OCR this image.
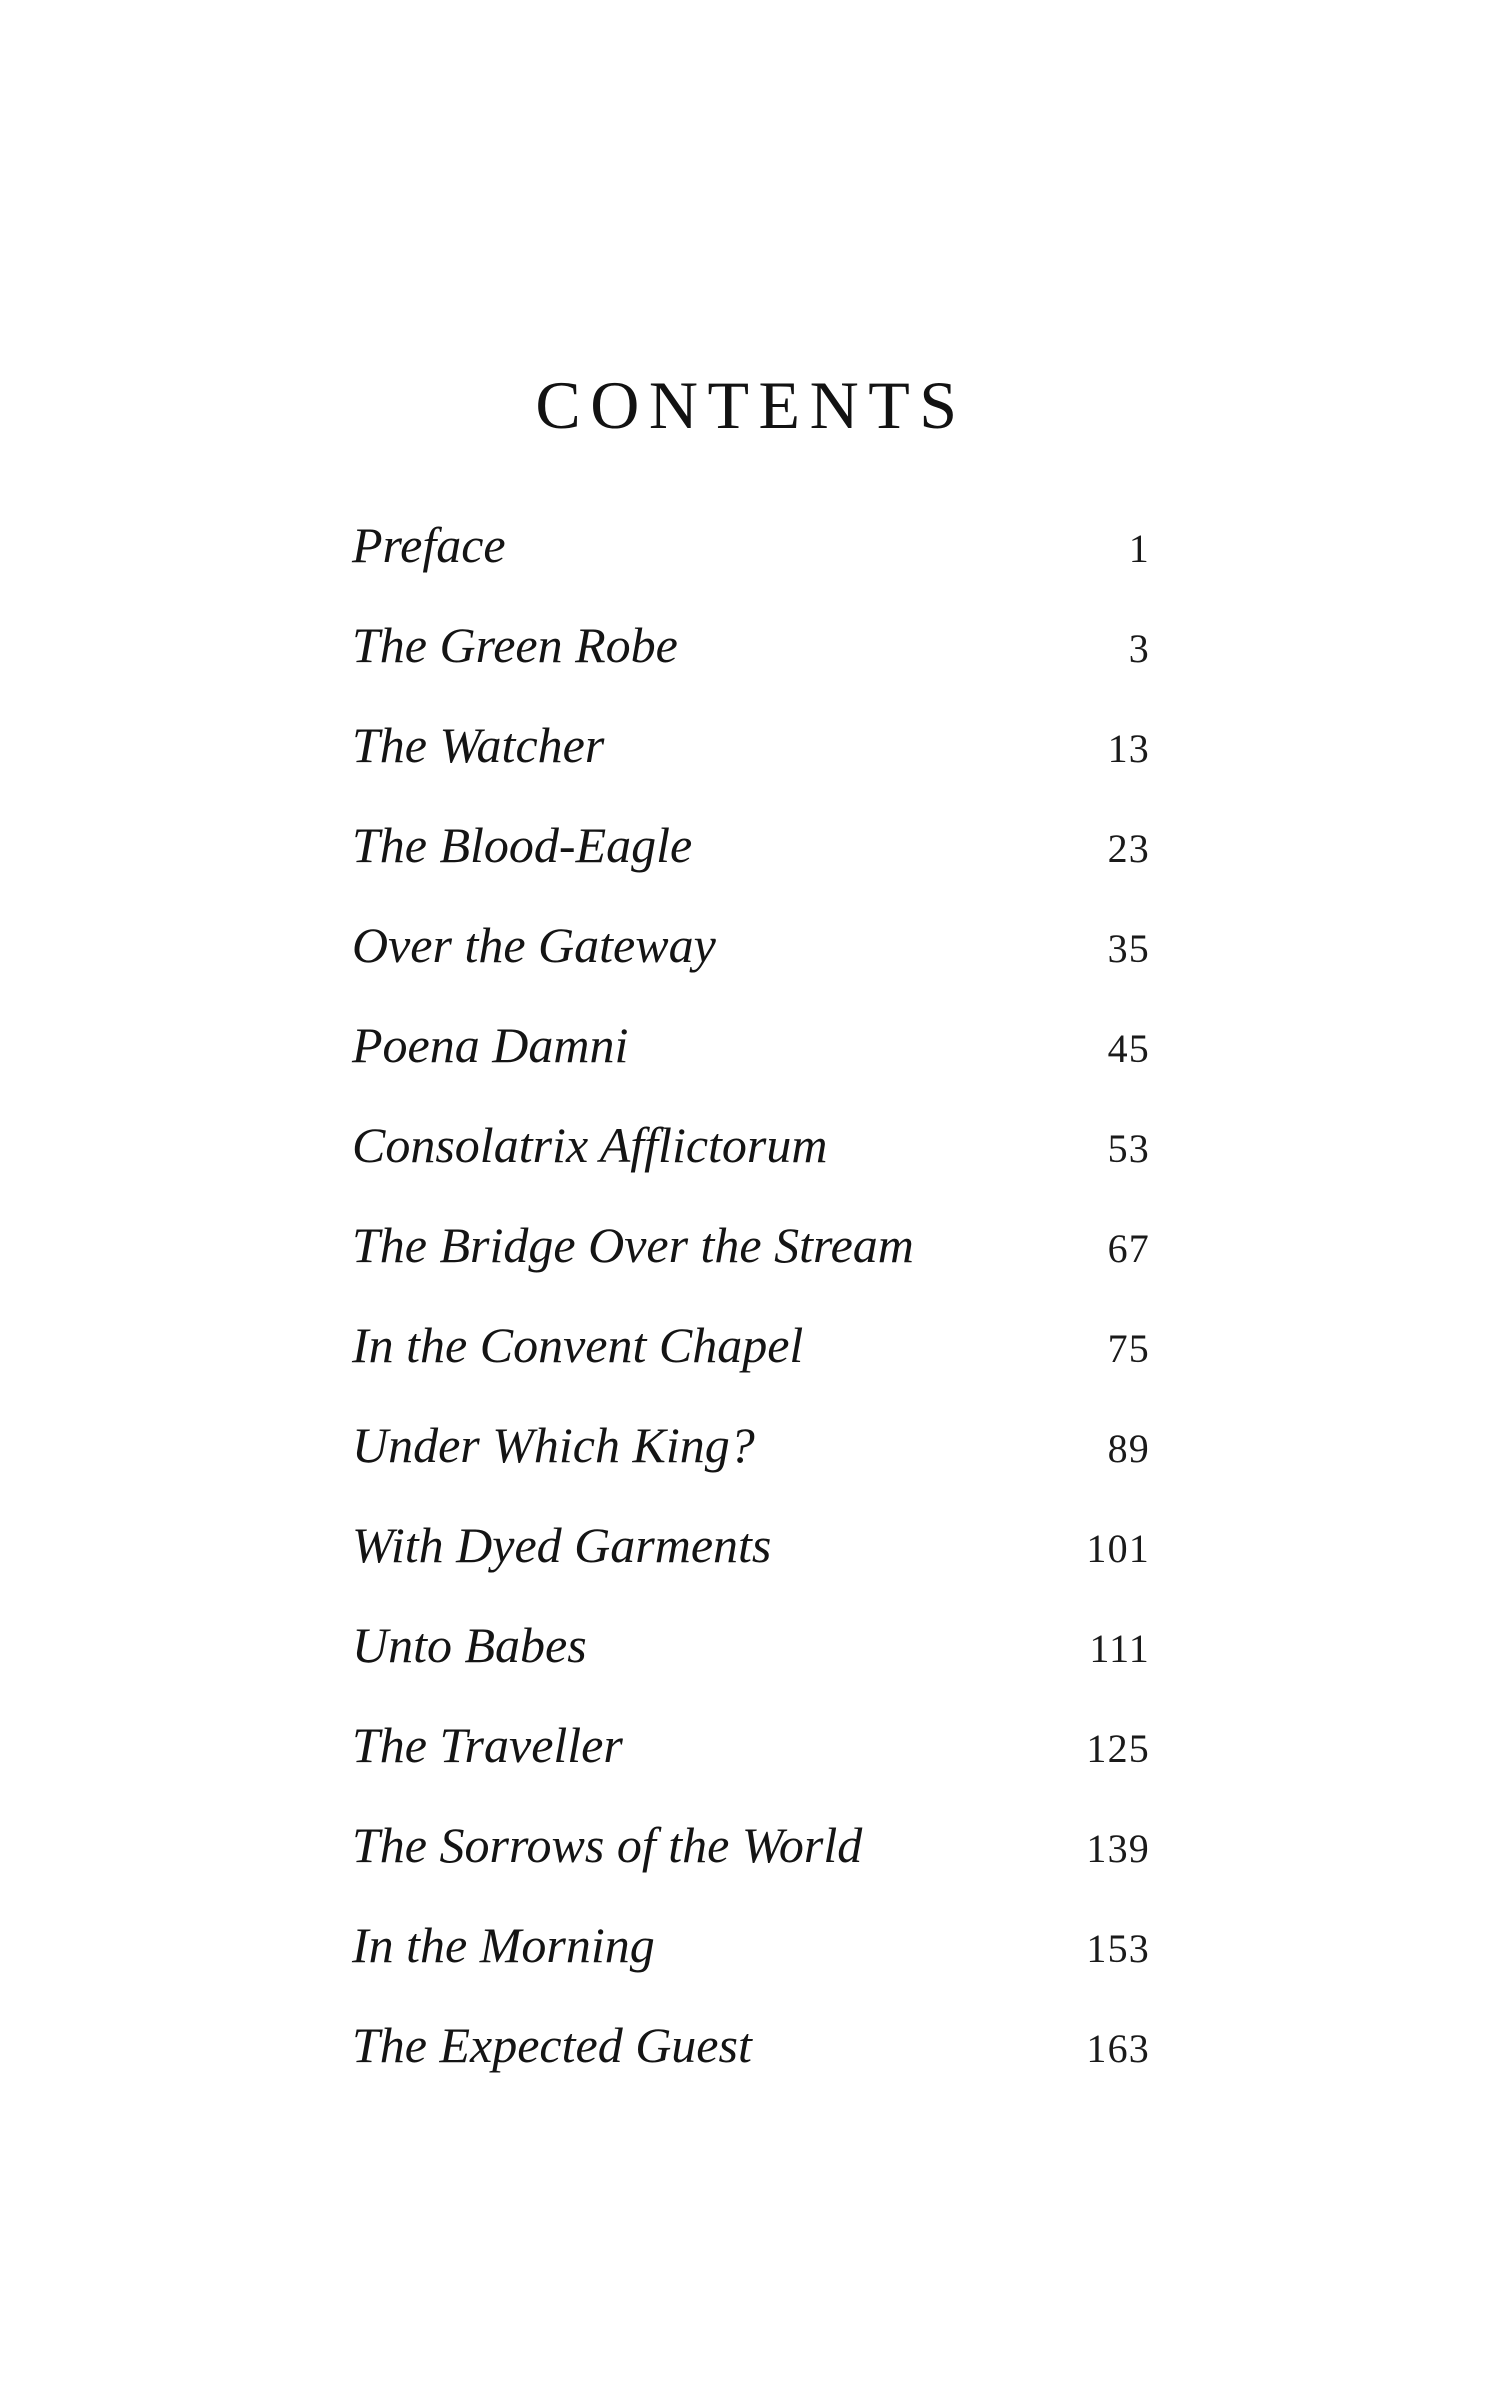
CONTENTS
Preface	1
The Green Robe	3
The Watcher	13
The Blood-Eagle	23
Over the Gateway	35
Poena Damni	45
Consolatrix Afflictorum	53
The Bridge Over the Stream	67
In the Convent Chapel	75
Under Which King?	89
With Dyed Garments	101
Unto Babes	111
The Traveller	125
The Sorrows of the World	139
In the Morning	153
The Expected Guest	163
